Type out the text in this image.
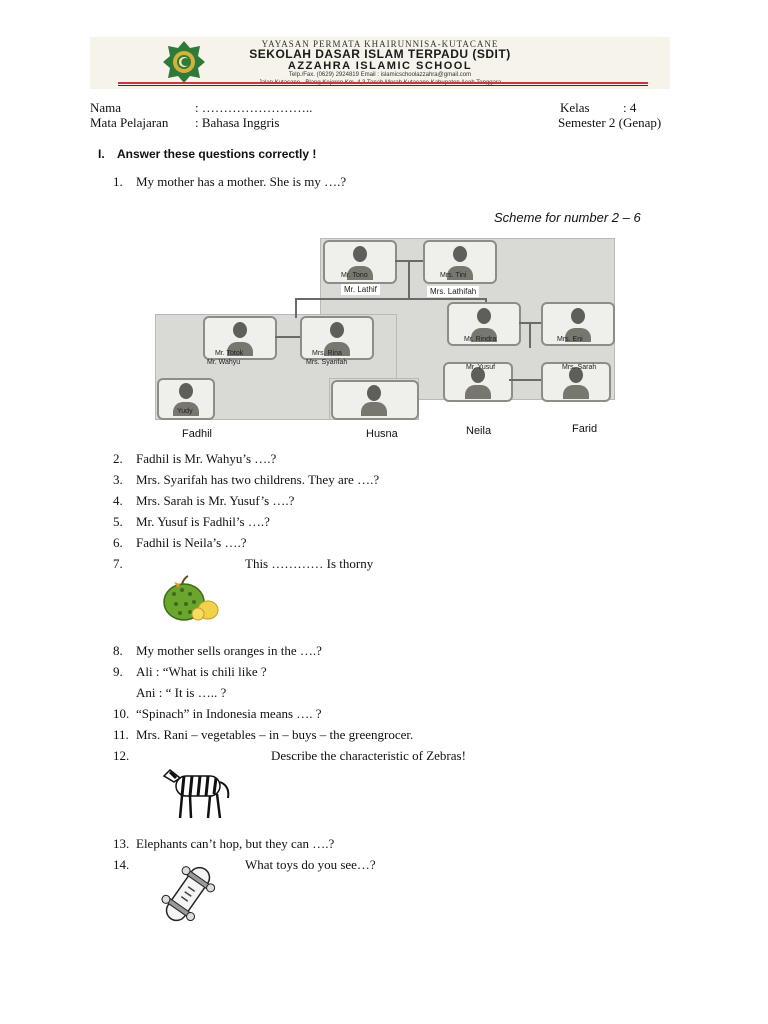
YAYASAN PERMATA KHAIRUNNISA-KUTACANE
SEKOLAH DASAR ISLAM TERPADU (SDIT)
AZZAHRA ISLAMIC SCHOOL
Telp./Fax. (0629) 2924819 Email : islamicschoolazzahra@gmail.com
Nama	: ……………………..
Mata Pelajaran : Bahasa Inggris
Kelas	: 4
Semester 2 (Genap)
I. Answer these questions correctly !
1. My mother has a mother. She is my ….?
Scheme for number 2 – 6
Mr. Tono	Mrs. Tini
Mr. Lathif	Mrs. Lathifah
Mr. Totok	Mrs. Rina
Mr. Wahyu	Mrs. Syarifah
Mr. Rindra	Mrs. Eni
Mr. Yusuf	Mrs. Sarah
Yudy
Fadhil	Husna	Neila	Farid
2. Fadhil is Mr. Wahyu’s ….?
3. Mrs. Syarifah has two childrens. They are ….?
4. Mrs. Sarah is Mr. Yusuf’s ….?
5. Mr. Yusuf is Fadhil’s ….?
6. Fadhil is Neila’s ….?
7.	This ………… Is thorny
8. My mother sells oranges in the ….?
9. Ali : “What is chili like ?
Ani : “ It is ….. ?
10. “Spinach” in Indonesia means …. ?
11. Mrs. Rani – vegetables – in – buys – the greengrocer.
12.	Describe the characteristic of Zebras!
13. Elephants can’t hop, but they can ….?
14.	What toys do you see…?
